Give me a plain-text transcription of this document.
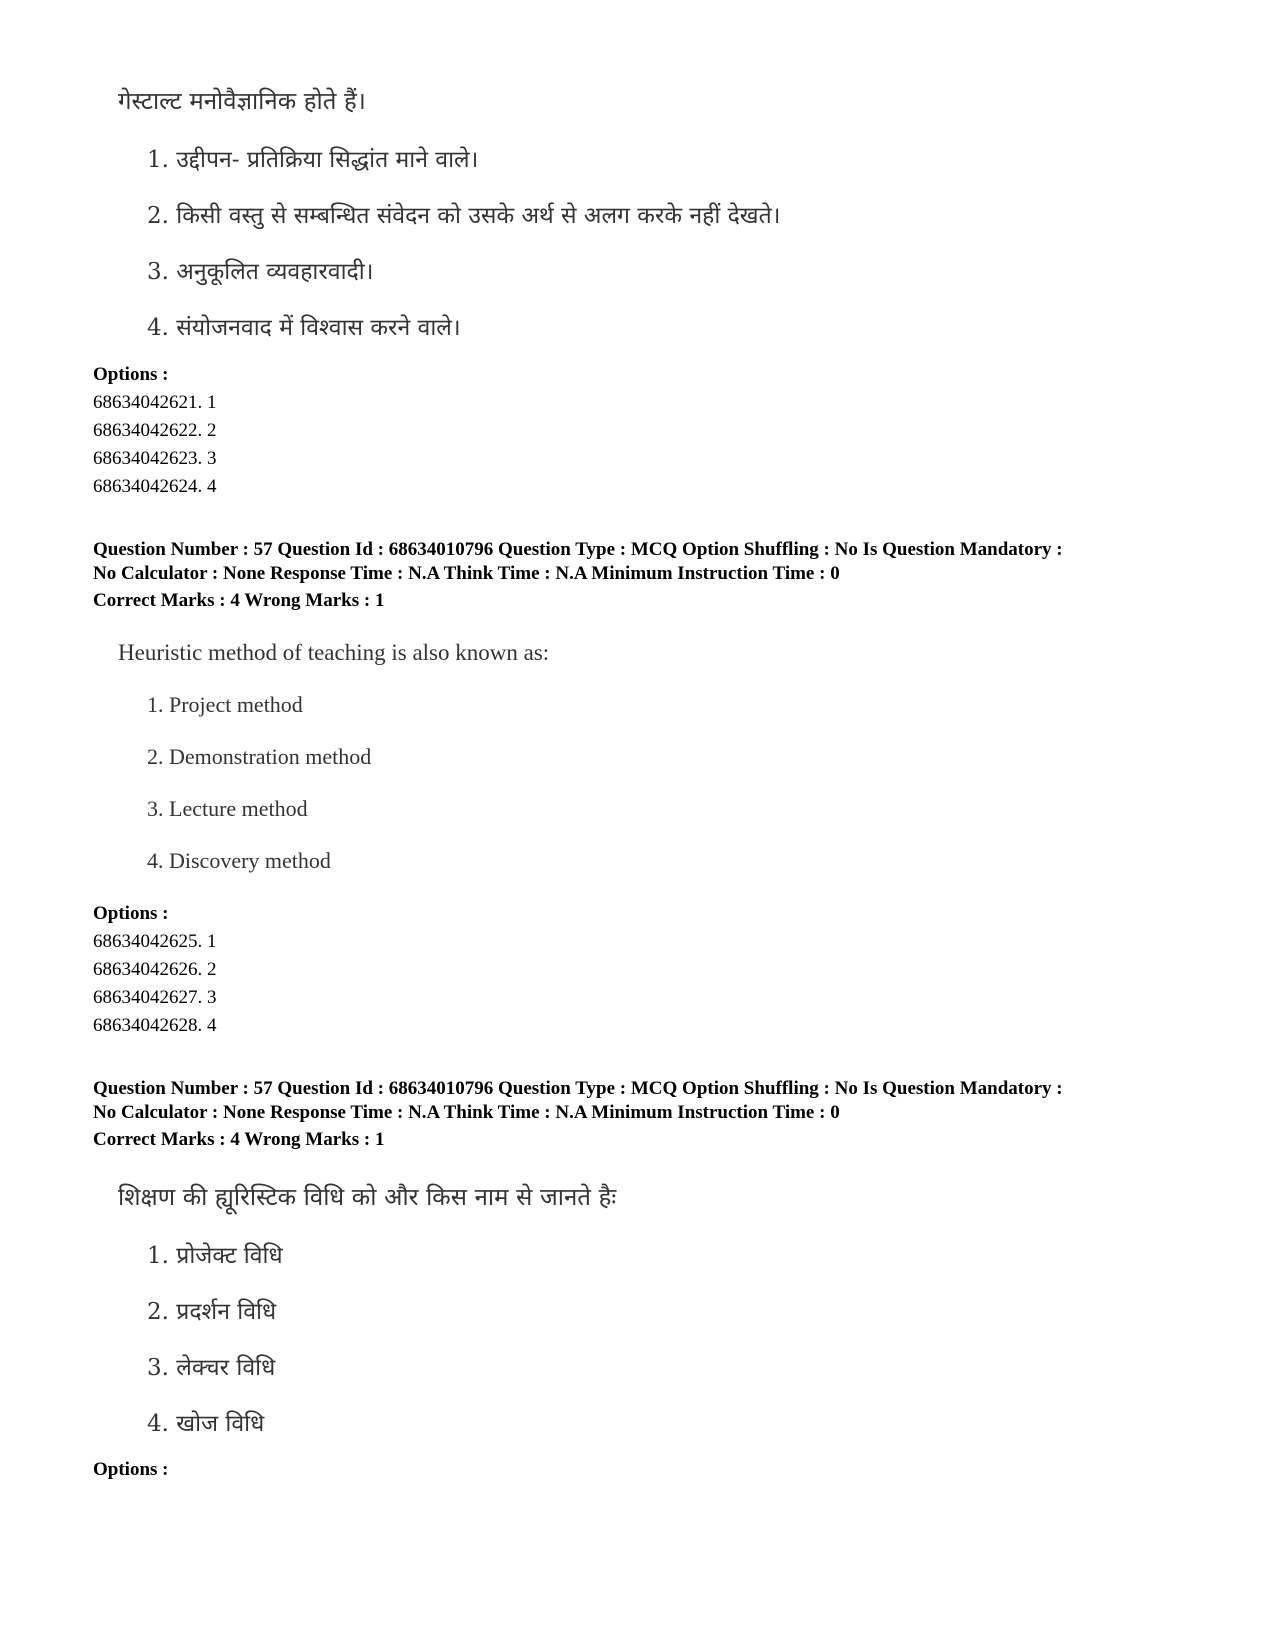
गेस्टाल्ट मनोवैज्ञानिक होते हैं।
1. उद्दीपन- प्रतिक्रिया सिद्धांत माने वाले।
2. किसी वस्तु से सम्बन्धित संवेदन को उसके अर्थ से अलग करके नहीं देखते।
3. अनुकूलित व्यवहारवादी।
4. संयोजनवाद में विश्वास करने वाले।
Options :
68634042621. 1
68634042622. 2
68634042623. 3
68634042624. 4
Question Number : 57 Question Id : 68634010796 Question Type : MCQ Option Shuffling : No Is Question Mandatory :
No Calculator : None Response Time : N.A Think Time : N.A Minimum Instruction Time : 0
Correct Marks : 4 Wrong Marks : 1
Heuristic method of teaching is also known as:
1. Project method
2. Demonstration method
3. Lecture method
4. Discovery method
Options :
68634042625. 1
68634042626. 2
68634042627. 3
68634042628. 4
Question Number : 57 Question Id : 68634010796 Question Type : MCQ Option Shuffling : No Is Question Mandatory :
No Calculator : None Response Time : N.A Think Time : N.A Minimum Instruction Time : 0
Correct Marks : 4 Wrong Marks : 1
शिक्षण की ह्यूरिस्टिक विधि को और किस नाम से जानते हैः
1. प्रोजेक्ट विधि
2. प्रदर्शन विधि
3. लेक्चर विधि
4. खोज विधि
Options :
